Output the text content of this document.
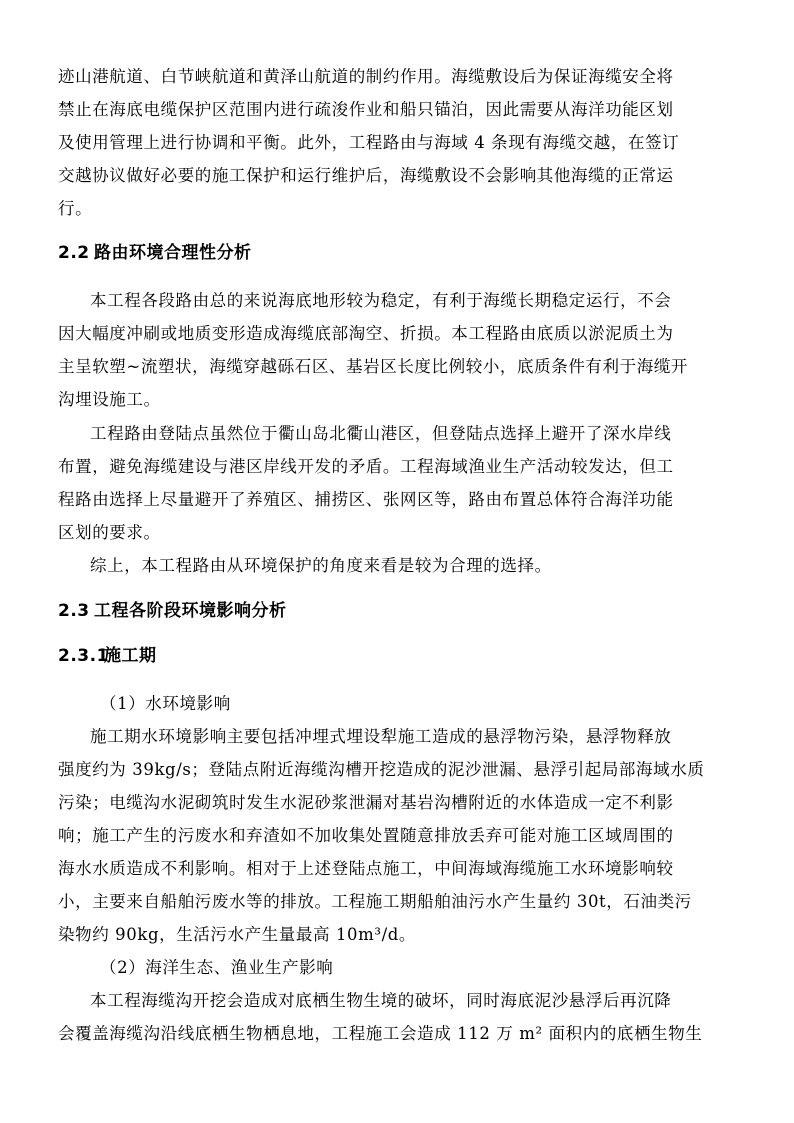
迹山港航道、白节峡航道和黄泽山航道的制约作用。海缆敷设后为保证海缆安全将
禁止在海底电缆保护区范围内进行疏浚作业和船只锚泊，因此需要从海洋功能区划
及使用管理上进行协调和平衡。此外，工程路由与海域 4 条现有海缆交越，在签订
交越协议做好必要的施工保护和运行维护后，海缆敷设不会影响其他海缆的正常运
行。
2.2 路由环境合理性分析
本工程各段路由总的来说海底地形较为稳定，有利于海缆长期稳定运行，不会
因大幅度冲刷或地质变形造成海缆底部淘空、折损。本工程路由底质以淤泥质土为
主呈软塑~流塑状，海缆穿越砾石区、基岩区长度比例较小，底质条件有利于海缆开
沟埋设施工。
工程路由登陆点虽然位于衢山岛北衢山港区，但登陆点选择上避开了深水岸线
布置，避免海缆建设与港区岸线开发的矛盾。工程海域渔业生产活动较发达，但工
程路由选择上尽量避开了养殖区、捕捞区、张网区等，路由布置总体符合海洋功能
区划的要求。
综上，本工程路由从环境保护的角度来看是较为合理的选择。
2.3 工程各阶段环境影响分析
2.3.1施工期
（1）水环境影响
施工期水环境影响主要包括冲埋式埋设犁施工造成的悬浮物污染，悬浮物释放
强度约为 39kg/s；登陆点附近海缆沟槽开挖造成的泥沙泄漏、悬浮引起局部海域水质
污染；电缆沟水泥砌筑时发生水泥砂浆泄漏对基岩沟槽附近的水体造成一定不利影
响；施工产生的污废水和弃渣如不加收集处置随意排放丢弃可能对施工区域周围的
海水水质造成不利影响。相对于上述登陆点施工，中间海域海缆施工水环境影响较
小，主要来自船舶污废水等的排放。工程施工期船舶油污水产生量约 30t，石油类污
染物约 90kg，生活污水产生量最高 10m³/d。
（2）海洋生态、渔业生产影响
本工程海缆沟开挖会造成对底栖生物生境的破坏，同时海底泥沙悬浮后再沉降
会覆盖海缆沟沿线底栖生物栖息地，工程施工会造成 112 万 m² 面积内的底栖生物生
